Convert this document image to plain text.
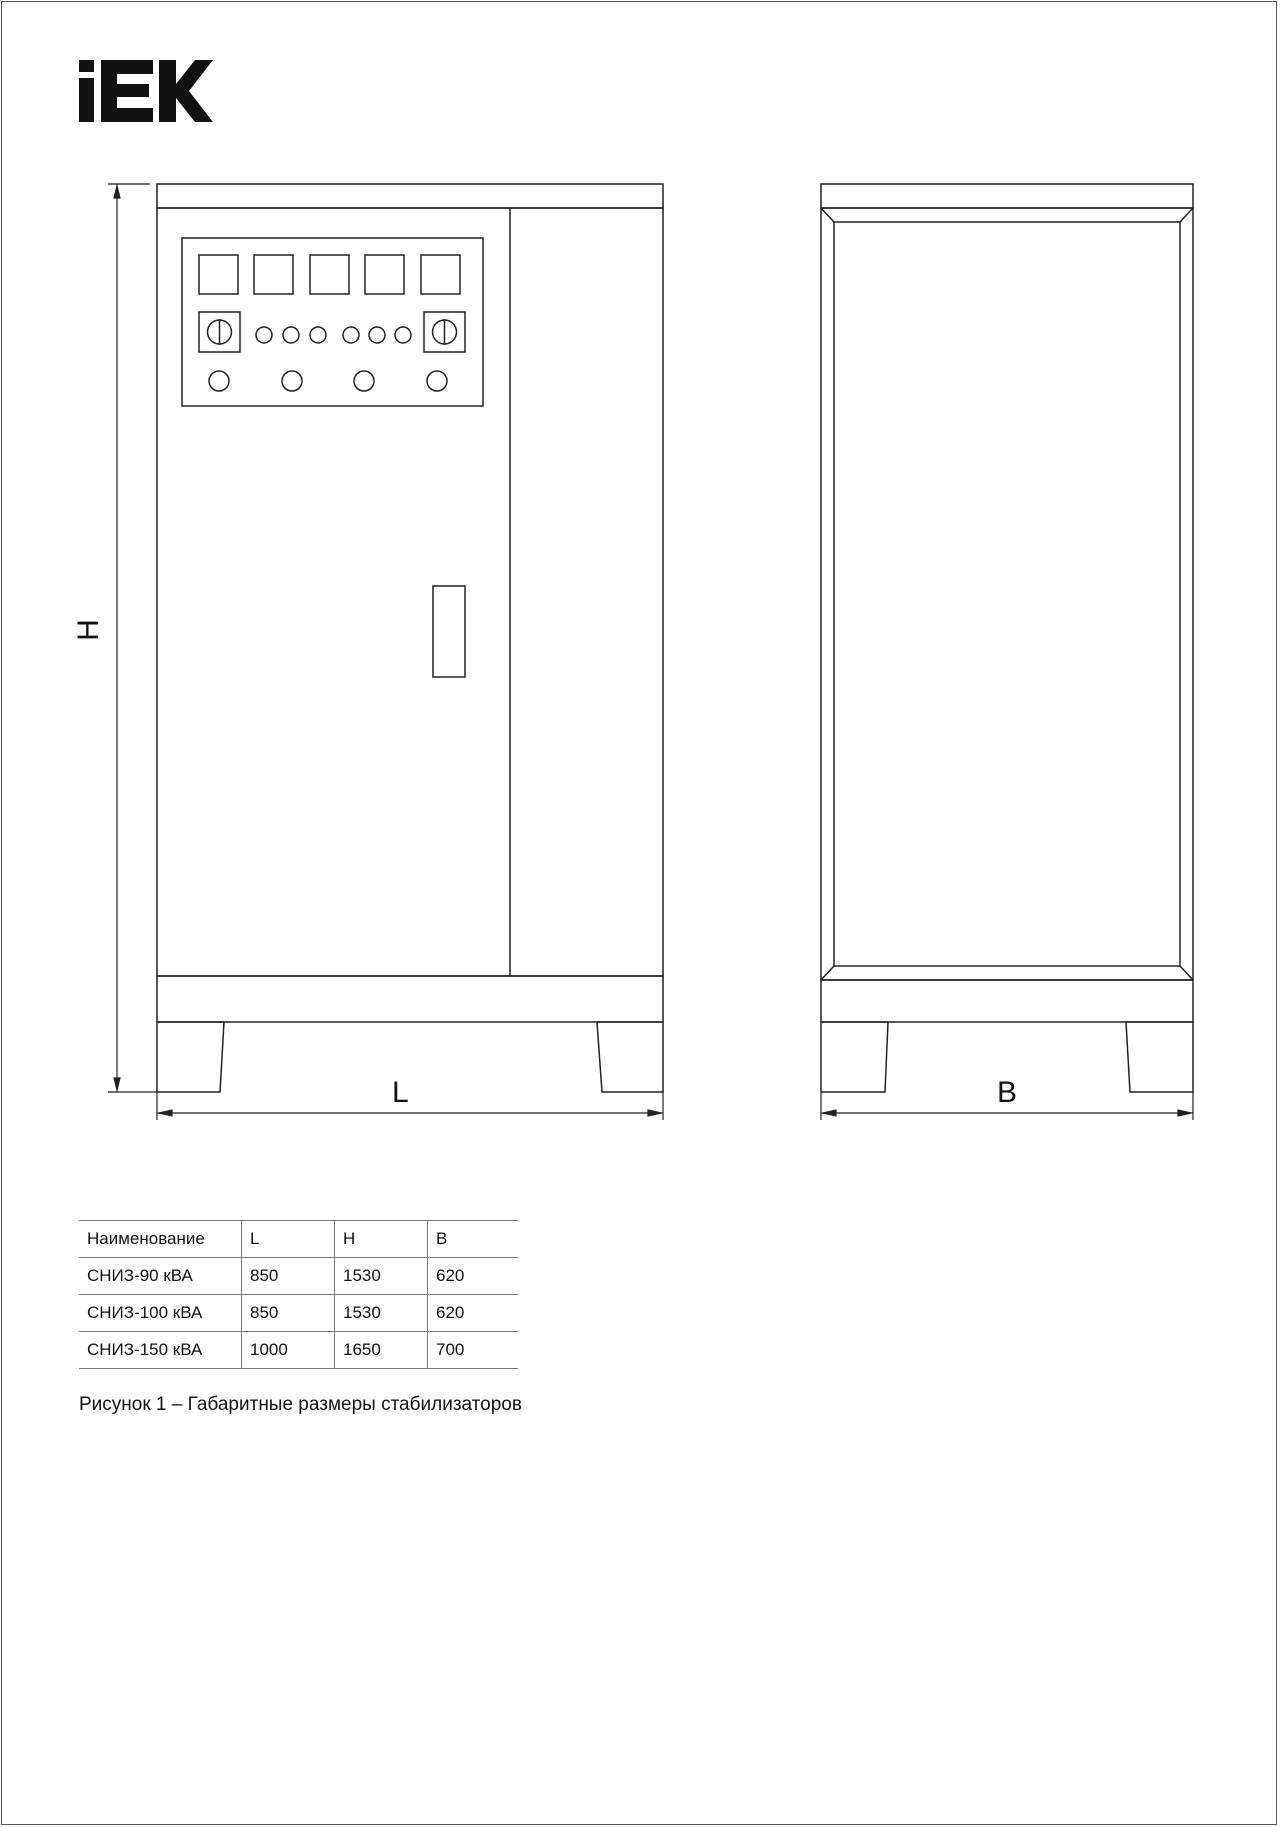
L	B
H
Наименование	L	H	B
СНИЗ-90 кВА	850	1530	620
СНИЗ-100 кВА	850	1530	620
СНИЗ-150 кВА	1000	1650	700
Рисунок 1 – Габаритные размеры стабилизаторов
